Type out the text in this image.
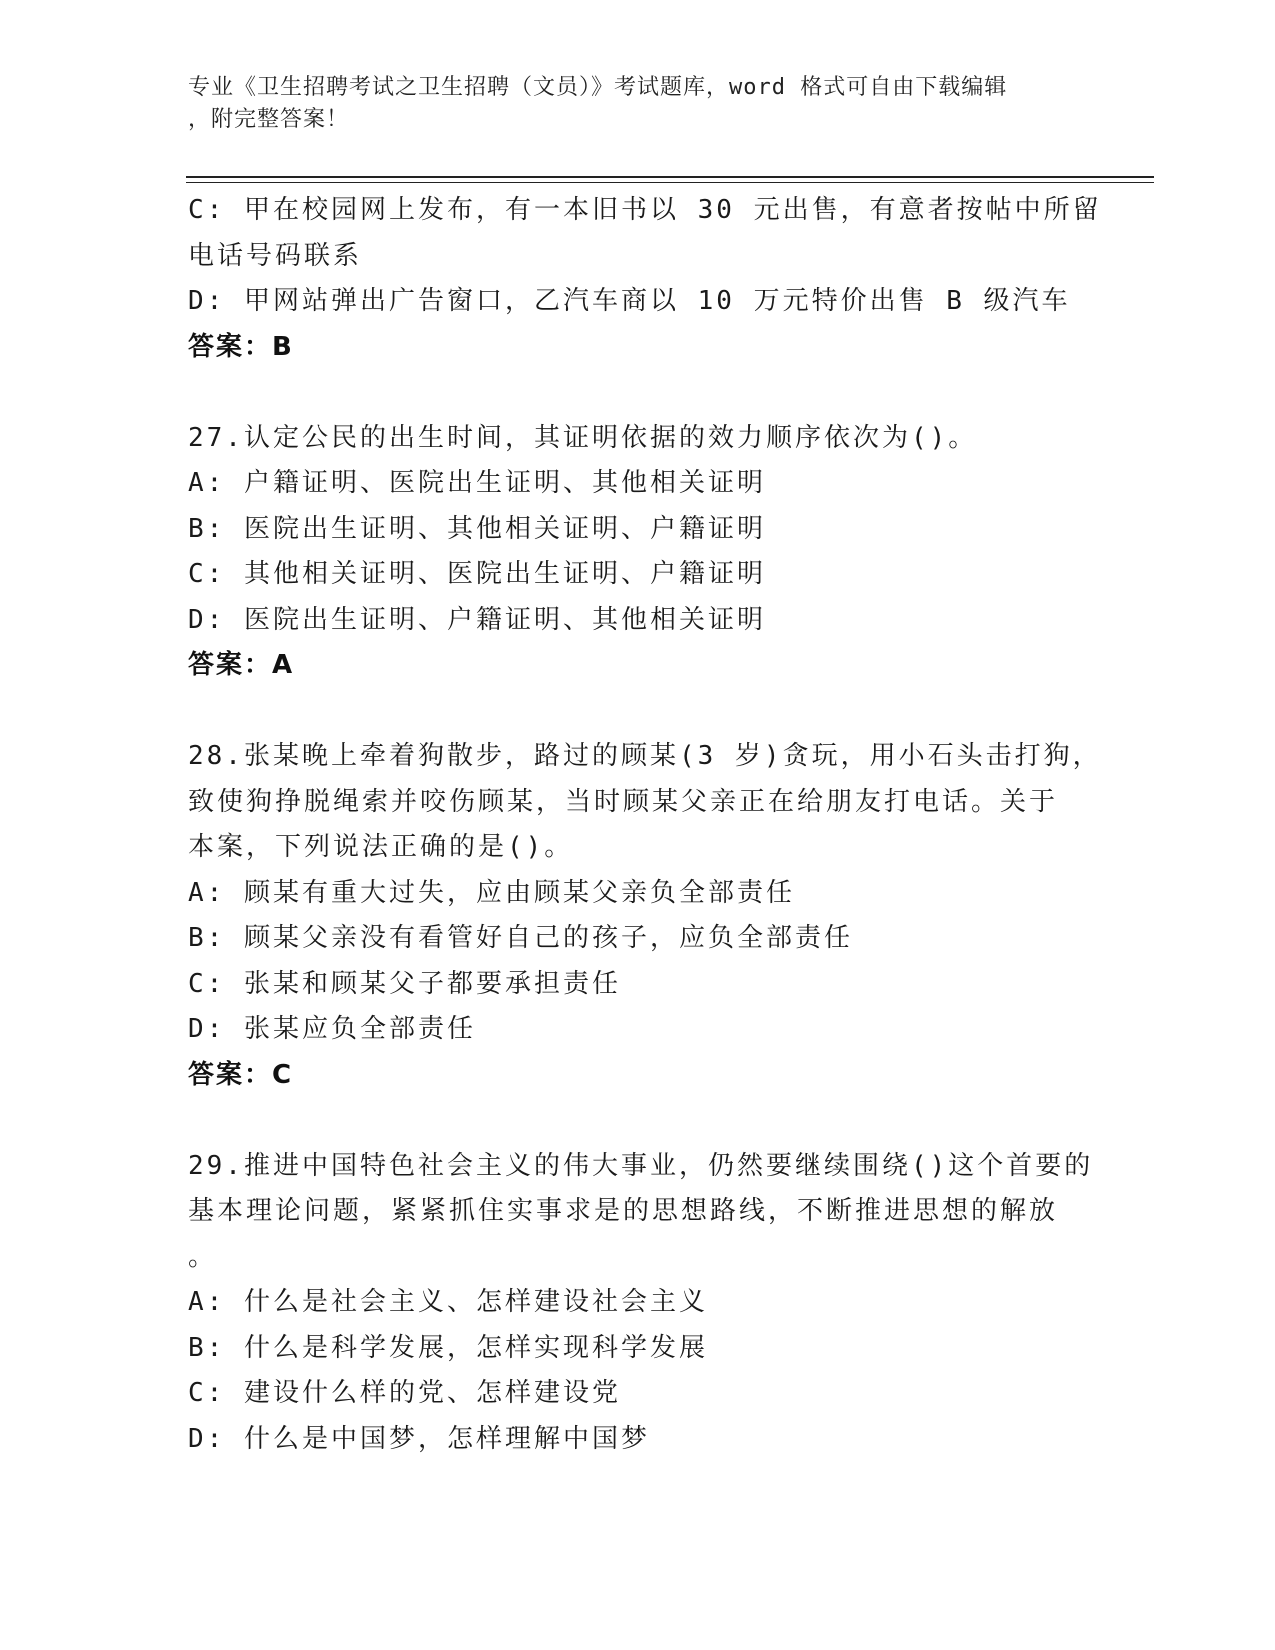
专业《卫生招聘考试之卫生招聘（文员）》考试题库，word 格式可自由下载编辑
，附完整答案！
C: 甲在校园网上发布，有一本旧书以 30 元出售，有意者按帖中所留
电话号码联系
D: 甲网站弹出广告窗口，乙汽车商以 10 万元特价出售 B 级汽车
答案：B
27.认定公民的出生时间，其证明依据的效力顺序依次为()。
A: 户籍证明、医院出生证明、其他相关证明
B: 医院出生证明、其他相关证明、户籍证明
C: 其他相关证明、医院出生证明、户籍证明
D: 医院出生证明、户籍证明、其他相关证明
答案：A
28.张某晚上牵着狗散步，路过的顾某(3 岁)贪玩，用小石头击打狗，
致使狗挣脱绳索并咬伤顾某，当时顾某父亲正在给朋友打电话。关于
本案，下列说法正确的是()。
A: 顾某有重大过失，应由顾某父亲负全部责任
B: 顾某父亲没有看管好自己的孩子，应负全部责任
C: 张某和顾某父子都要承担责任
D: 张某应负全部责任
答案：C
29.推进中国特色社会主义的伟大事业，仍然要继续围绕()这个首要的
基本理论问题，紧紧抓住实事求是的思想路线，不断推进思想的解放
。
A: 什么是社会主义、怎样建设社会主义
B: 什么是科学发展，怎样实现科学发展
C: 建设什么样的党、怎样建设党
D: 什么是中国梦，怎样理解中国梦
